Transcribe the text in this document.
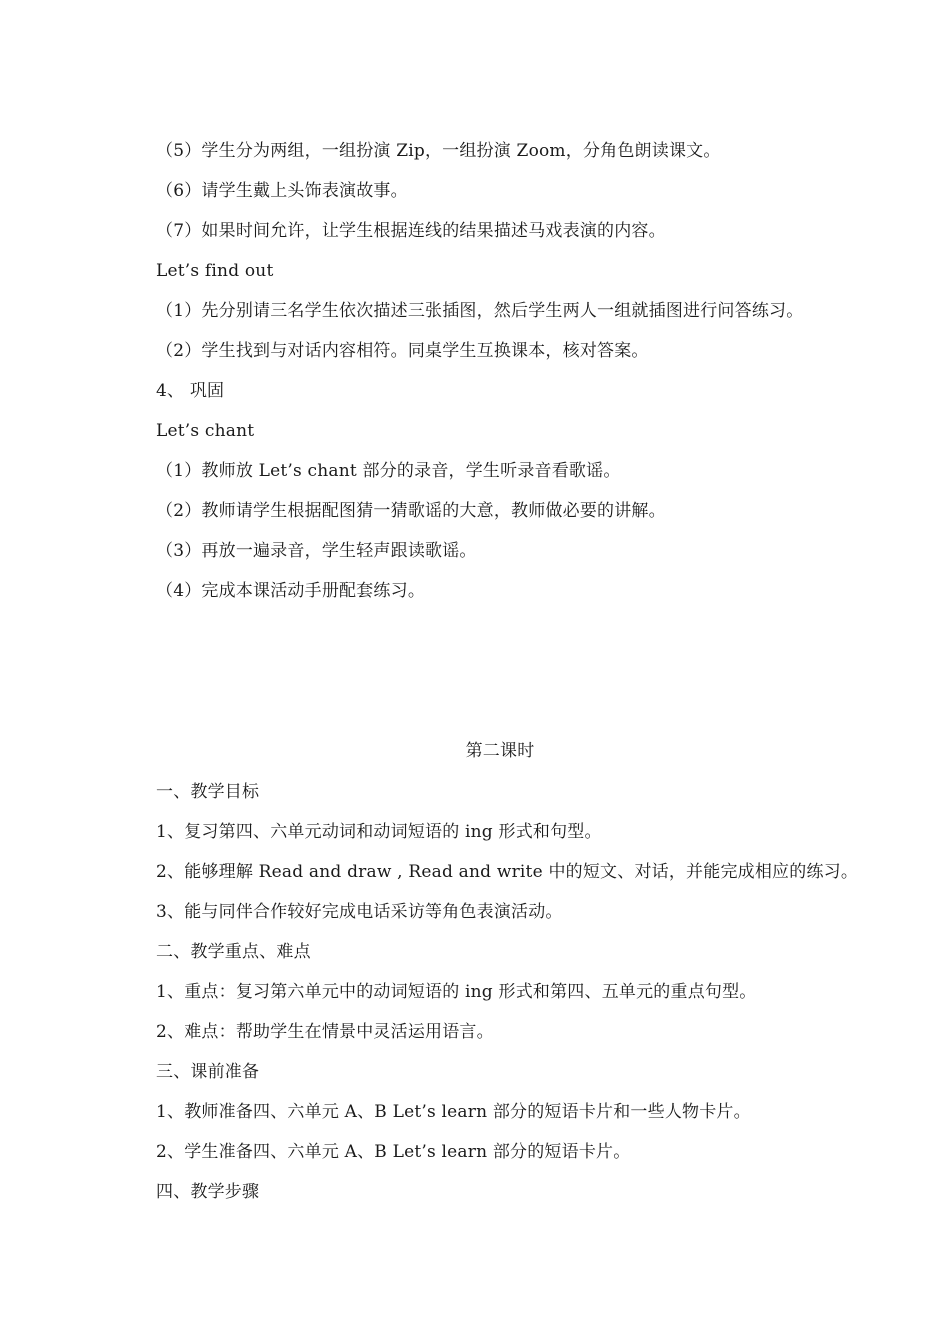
（5）学生分为两组，一组扮演 Zip，一组扮演 Zoom，分角色朗读课文。
（6）请学生戴上头饰表演故事。
（7）如果时间允许，让学生根据连线的结果描述马戏表演的内容。
Let’s find out
（1）先分别请三名学生依次描述三张插图，然后学生两人一组就插图进行问答练习。
（2）学生找到与对话内容相符。同桌学生互换课本，核对答案。
4、 巩固
Let’s chant
（1）教师放 Let’s chant 部分的录音，学生听录音看歌谣。
（2）教师请学生根据配图猜一猜歌谣的大意，教师做必要的讲解。
（3）再放一遍录音，学生轻声跟读歌谣。
（4）完成本课活动手册配套练习。
第二课时
一、教学目标
1、复习第四、六单元动词和动词短语的 ing 形式和句型。
2、能够理解 Read and draw , Read and write 中的短文、对话，并能完成相应的练习。
3、能与同伴合作较好完成电话采访等角色表演活动。
二、教学重点、难点
1、重点：复习第六单元中的动词短语的 ing 形式和第四、五单元的重点句型。
2、难点：帮助学生在情景中灵活运用语言。
三、课前准备
1、教师准备四、六单元 A、B Let’s learn 部分的短语卡片和一些人物卡片。
2、学生准备四、六单元 A、B Let’s learn 部分的短语卡片。
四、教学步骤
